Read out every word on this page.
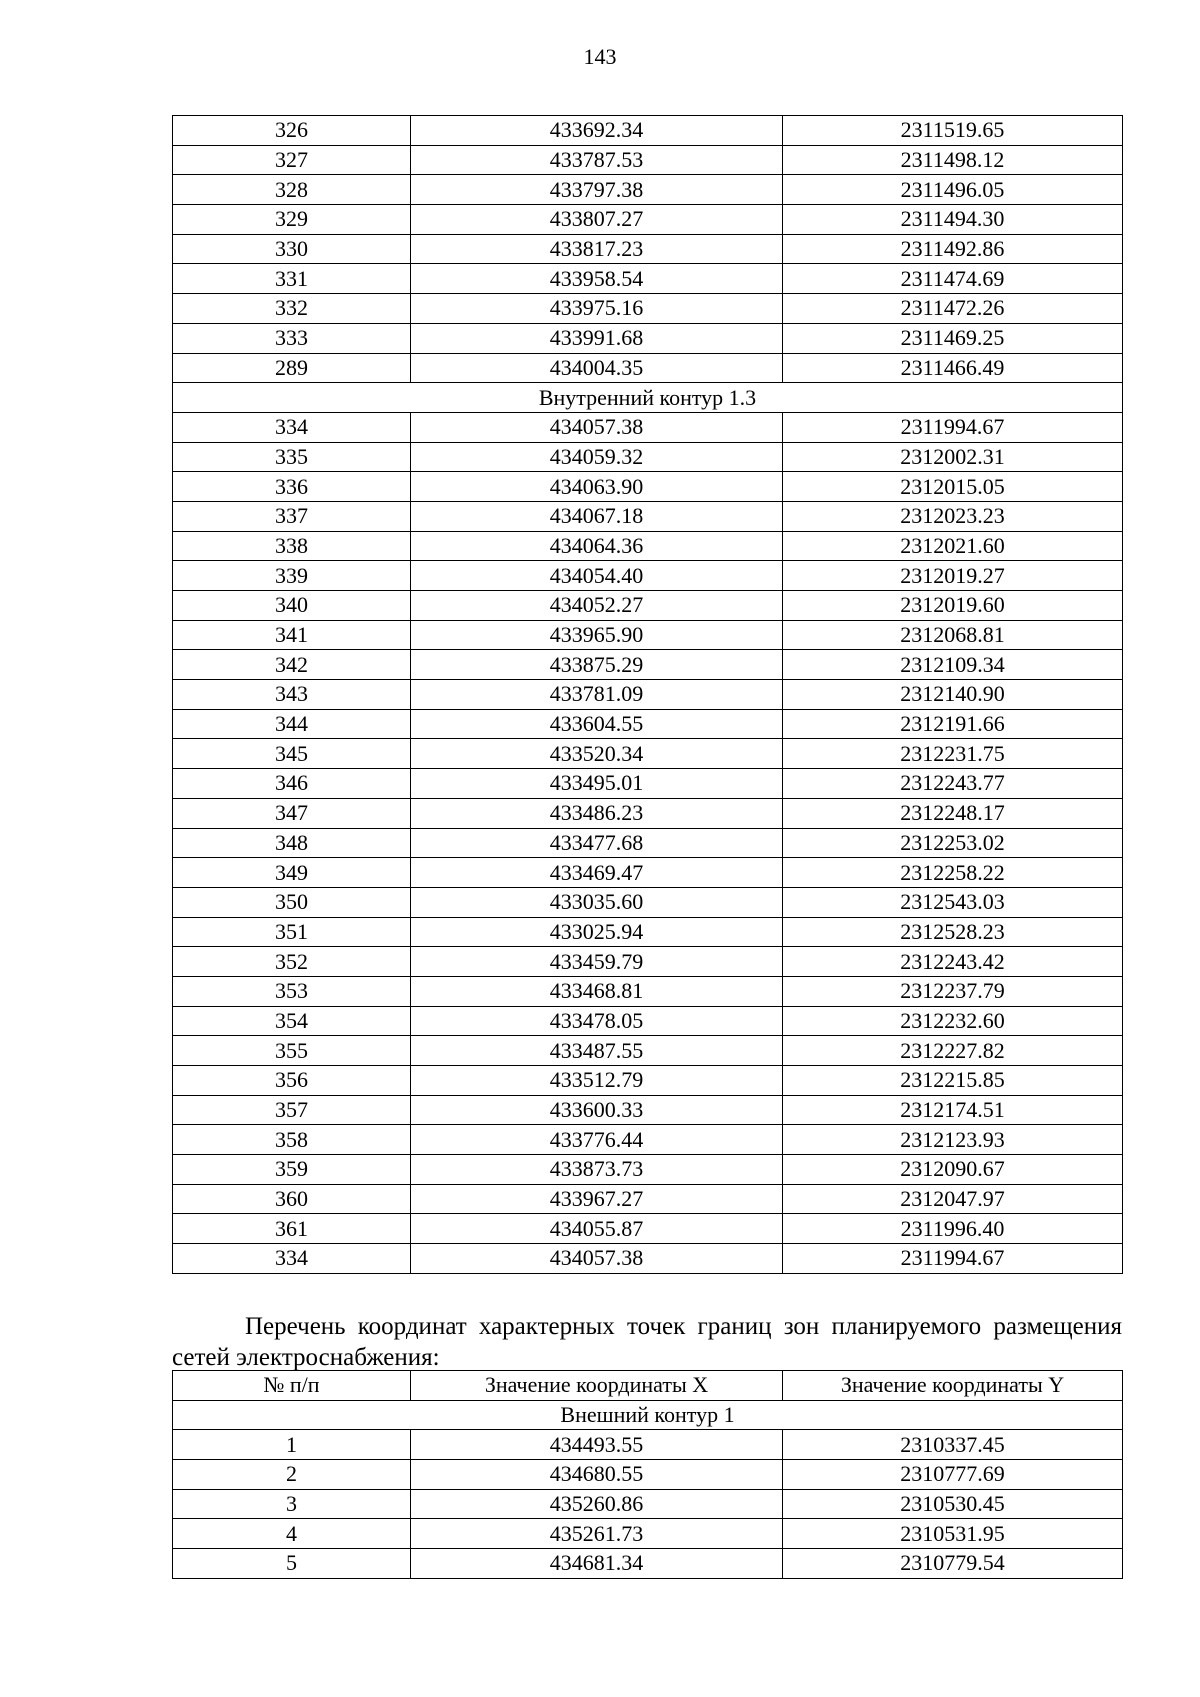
143
326	433692.34	2311519.65
327	433787.53	2311498.12
328	433797.38	2311496.05
329	433807.27	2311494.30
330	433817.23	2311492.86
331	433958.54	2311474.69
332	433975.16	2311472.26
333	433991.68	2311469.25
289	434004.35	2311466.49
Внутренний контур 1.3		
334	434057.38	2311994.67
335	434059.32	2312002.31
336	434063.90	2312015.05
337	434067.18	2312023.23
338	434064.36	2312021.60
339	434054.40	2312019.27
340	434052.27	2312019.60
341	433965.90	2312068.81
342	433875.29	2312109.34
343	433781.09	2312140.90
344	433604.55	2312191.66
345	433520.34	2312231.75
346	433495.01	2312243.77
347	433486.23	2312248.17
348	433477.68	2312253.02
349	433469.47	2312258.22
350	433035.60	2312543.03
351	433025.94	2312528.23
352	433459.79	2312243.42
353	433468.81	2312237.79
354	433478.05	2312232.60
355	433487.55	2312227.82
356	433512.79	2312215.85
357	433600.33	2312174.51
358	433776.44	2312123.93
359	433873.73	2312090.67
360	433967.27	2312047.97
361	434055.87	2311996.40
334	434057.38	2311994.67
Перечень координат характерных точек границ зон планируемого размещения сетей электроснабжения:
№ п/п	Значение координаты X	Значение координаты Y
Внешний контур 1		
1	434493.55	2310337.45
2	434680.55	2310777.69
3	435260.86	2310530.45
4	435261.73	2310531.95
5	434681.34	2310779.54
